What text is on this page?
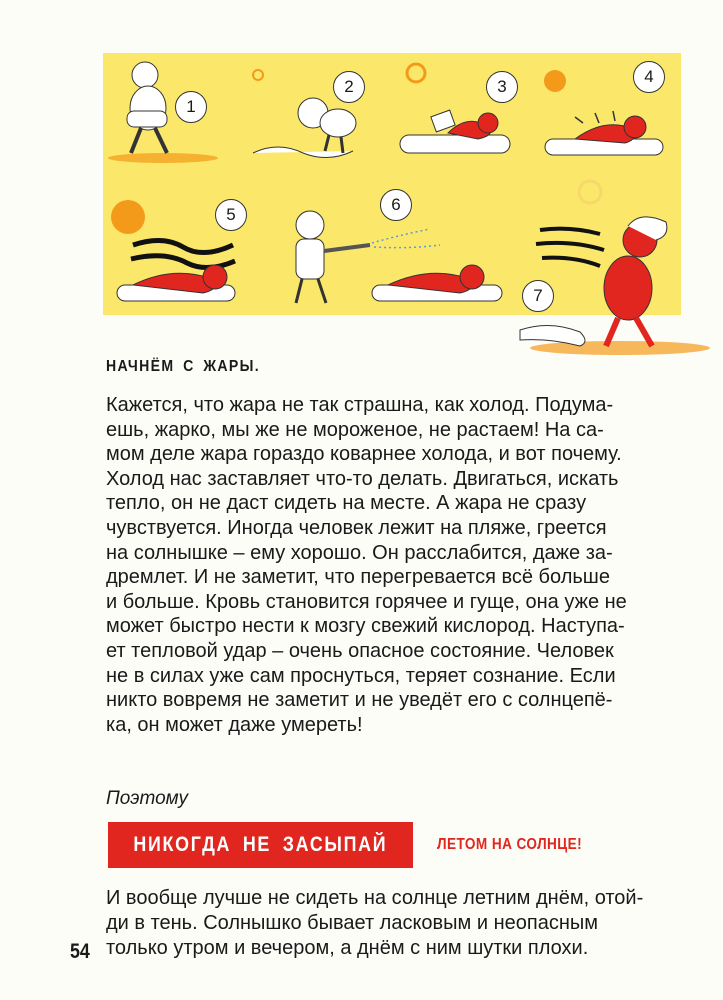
1
2	3
4
5
6
7
НАЧНЁМ С ЖАРЫ.
Кажется, что жара не так страшна, как холод. Подума-
ешь, жарко, мы же не мороженое, не растаем! На са-
мом деле жара гораздо коварнее холода, и вот почему.
Холод нас заставляет что-то делать. Двигаться, искать
тепло, он не даст сидеть на месте. А жара не сразу
чувствуется. Иногда человек лежит на пляже, греется
на солнышке – ему хорошо. Он расслабится, даже за-
дремлет. И не заметит, что перегревается всё больше
и больше. Кровь становится горячее и гуще, она уже не
может быстро нести к мозгу свежий кислород. Наступа-
ет тепловой удар – очень опасное состояние. Человек
не в силах уже сам проснуться, теряет сознание. Если
никто вовремя не заметит и не уведёт его с солнцепё-
ка, он может даже умереть!
Поэтому
НИКОГДА НЕ ЗАСЫПАЙ	ЛЕТОМ НА СОЛНЦЕ!
И вообще лучше не сидеть на солнце летним днём, отой-
ди в тень. Солнышко бывает ласковым и неопасным
только утром и вечером, а днём с ним шутки плохи.
54
